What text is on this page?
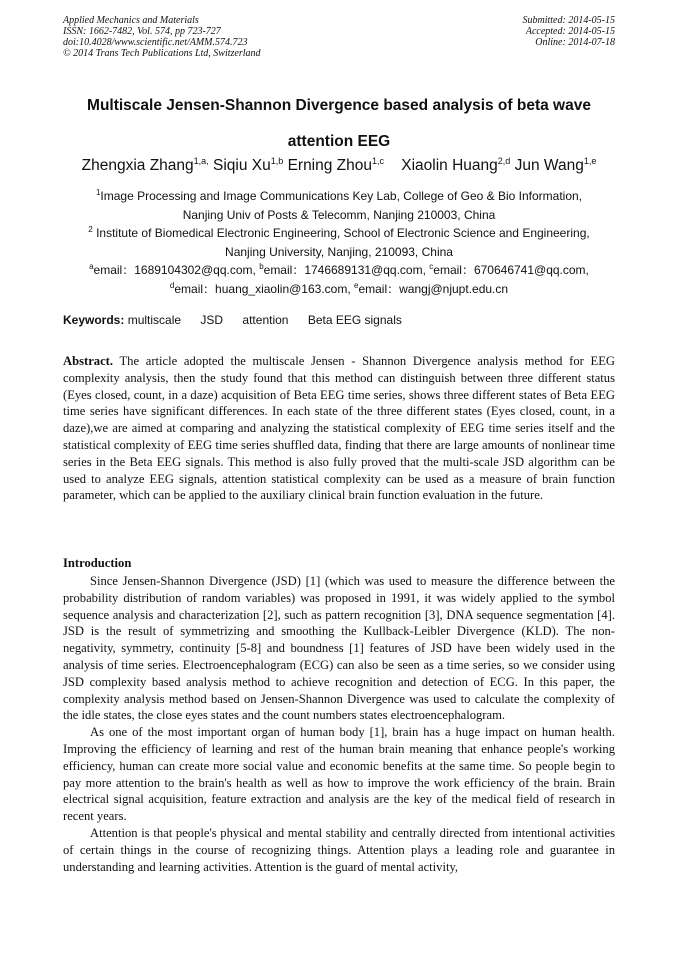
Applied Mechanics and Materials
ISSN: 1662-7482, Vol. 574, pp 723-727
doi:10.4028/www.scientific.net/AMM.574.723
© 2014 Trans Tech Publications Ltd, Switzerland
Submitted: 2014-05-15
Accepted: 2014-05-15
Online: 2014-07-18
Multiscale Jensen-Shannon Divergence based analysis of beta wave
attention EEG
Zhengxia Zhang$^{1,a,}$ Siqiu Xu$^{1,b}$ Erning Zhou$^{1,c}$ Xiaolin Huang$^{2,d}$ Jun Wang$^{1,e}$
$^1$Image Processing and Image Communications Key Lab, College of Geo & Bio Information,
Nanjing Univ of Posts & Telecomm, Nanjing 210003, China
$^2$ Institute of Biomedical Electronic Engineering, School of Electronic Science and Engineering,
Nanjing University, Nanjing, 210093, China
$^a$email：1689104302@qq.com, $^b$email：1746689131@qq.com, $^c$email：670646741@qq.com,
$^d$email：huang_xiaolin@163.com, $^e$email：wangj@njupt.edu.cn
Keywords: multiscale JSD attention Beta EEG signals
Abstract. The article adopted the multiscale Jensen - Shannon Divergence analysis method for EEG complexity analysis, then the study found that this method can distinguish between three different status (Eyes closed, count, in a daze) acquisition of Beta EEG time series, shows three different states of Beta EEG time series have significant differences. In each state of the three different states (Eyes closed, count, in a daze),we are aimed at comparing and analyzing the statistical complexity of EEG time series itself and the statistical complexity of EEG time series shuffled data, finding that there are large amounts of nonlinear time series in the Beta EEG signals. This method is also fully proved that the multi-scale JSD algorithm can be used to analyze EEG signals, attention statistical complexity can be used as a measure of brain function parameter, which can be applied to the auxiliary clinical brain function evaluation in the future.
Introduction

Since Jensen-Shannon Divergence (JSD) [1] (which was used to measure the difference between the probability distribution of random variables) was proposed in 1991, it was widely applied to the symbol sequence analysis and characterization [2], such as pattern recognition [3], DNA sequence segmentation [4]. JSD is the result of symmetrizing and smoothing the Kullback-Leibler Divergence (KLD). The non-negativity, symmetry, continuity [5-8] and boundness [1] features of JSD have been widely used in the analysis of time series. Electroencephalogram (ECG) can also be seen as a time series, so we consider using JSD complexity based analysis method to achieve recognition and detection of ECG. In this paper, the complexity analysis method based on Jensen-Shannon Divergence was used to calculate the complexity of the idle states, the close eyes states and the count numbers states electroencephalogram.

As one of the most important organ of human body [1], brain has a huge impact on human health. Improving the efficiency of learning and rest of the human brain meaning that enhance people's working efficiency, human can create more social value and economic benefits at the same time. So people begin to pay more attention to the brain's health as well as how to improve the work efficiency of the brain. Brain electrical signal acquisition, feature extraction and analysis are the key of the medical field of research in recent years.

Attention is that people's physical and mental stability and centrally directed from intentional activities of certain things in the course of recognizing things. Attention plays a leading role and guarantee in understanding and learning activities. Attention is the guard of mental activity,
